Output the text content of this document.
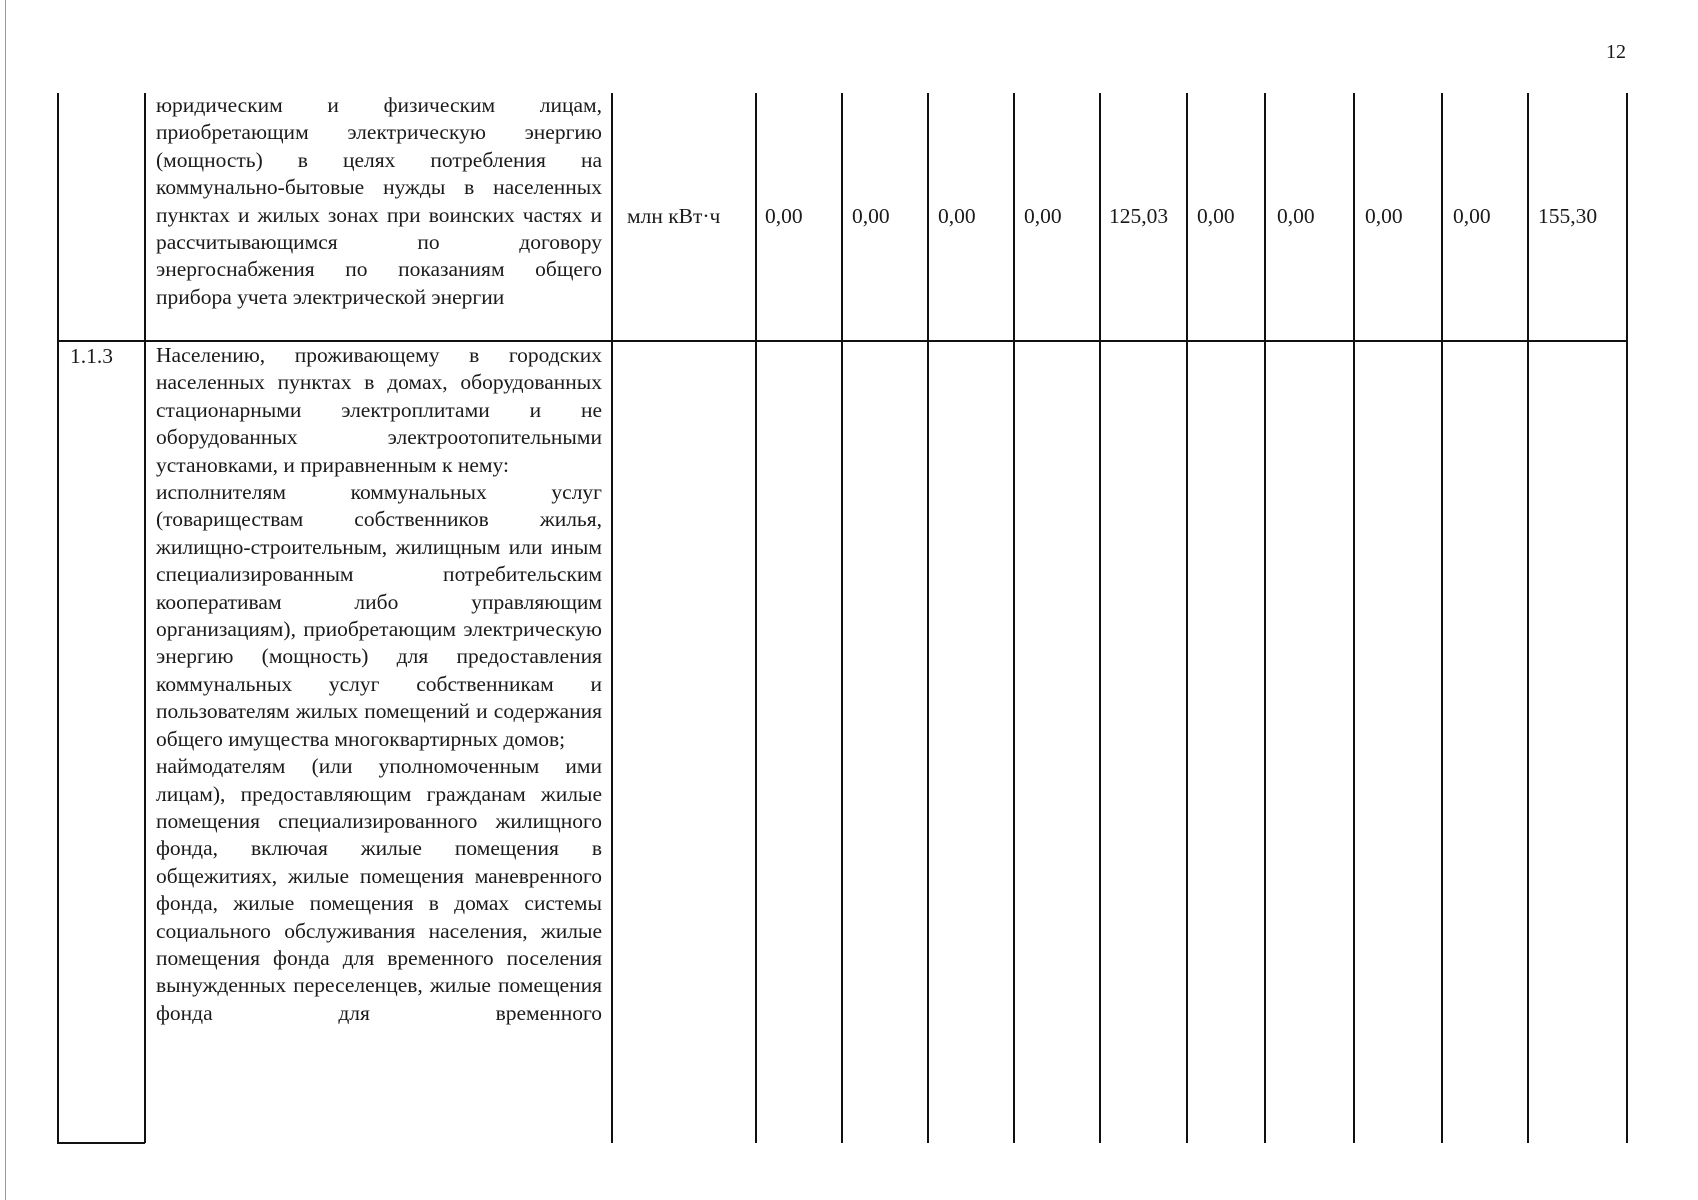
12

юридическим и физическим лицам, приобретающим электрическую энергию (мощность) в целях потребления на коммунально-бытовые нужды в населенных пунктах и жилых зонах при воинских частях и рассчитывающимся по договору энергоснабжения по показаниям общего прибора учета электрической энергии

млн кВт·ч 0,00 0,00 0,00 0,00 125,03 0,00 0,00 0,00 0,00 155,30
1.1.3 Населению, проживающему в городских населенных пунктах в домах, оборудованных стационарными электроплитами и не оборудованных электроотопительными установками, и приравненным к нему:

исполнителям коммунальных услуг (товариществам собственников жилья, жилищно-строительным, жилищным или иным специализированным потребительским кооперативам либо управляющим организациям), приобретающим электрическую энергию (мощность) для предоставления коммунальных услуг собственникам и пользователям жилых помещений и содержания общего имущества многоквартирных домов;

наймодателям (или уполномоченным ими лицам), предоставляющим гражданам жилые помещения специализированного жилищного фонда, включая жилые помещения в общежитиях, жилые помещения маневренного фонда, жилые помещения в домах системы социального обслуживания населения, жилые помещения фонда для временного поселения вынужденных переселенцев, жилые помещения фонда для временного
